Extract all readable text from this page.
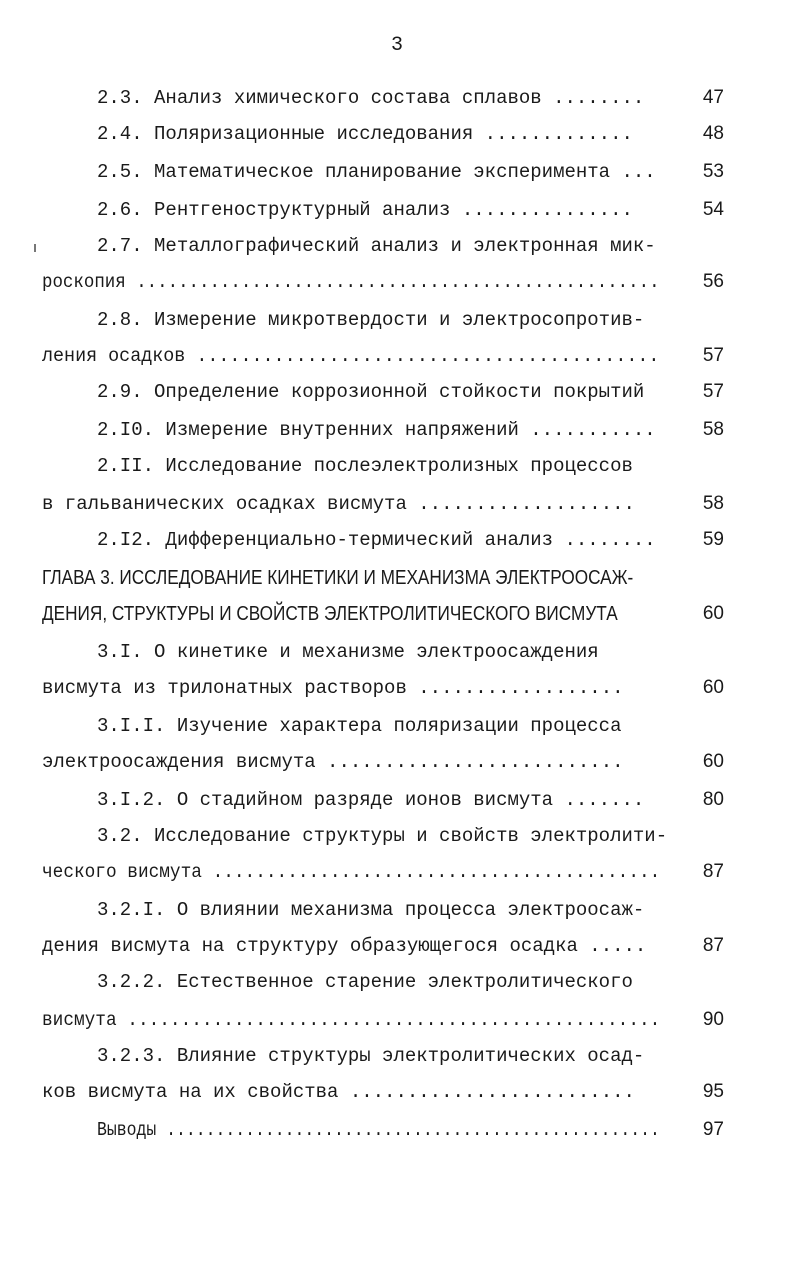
3
2.3. Анализ химического состава сплавов ........	47
2.4. Поляризационные исследования .............	48
2.5. Математическое планирование эксперимента ...	53
2.6. Рентгеноструктурный анализ ...............	54
2.7. Металлографический анализ и электронная мик-
роскопия ..................................................	56
2.8. Измерение микротвердости и электросопротив-
ления осадков ..........................................	57
2.9. Определение коррозионной стойкости покрытий	57
2.I0. Измерение внутренних напряжений ...........	58
2.II. Исследование послеэлектролизных процессов
в гальванических осадках висмута ...................	58
2.I2. Дифференциально-термический анализ ........	59
ГЛАВА 3. ИССЛЕДОВАНИЕ КИНЕТИКИ И МЕХАНИЗМА ЭЛЕКТРООСАЖ-
ДЕНИЯ, СТРУКТУРЫ И СВОЙСТВ ЭЛЕКТРОЛИТИЧЕСКОГО ВИСМУТА	60
3.I. О кинетике и механизме электроосаждения
висмута из трилонатных растворов ..................	60
3.I.I. Изучение характера поляризации процесса
электроосаждения висмута ..........................	60
3.I.2. О стадийном разряде ионов висмута .......	80
3.2. Исследование структуры и свойств электролити-
ческого висмута ..........................................	87
3.2.I. О влиянии механизма процесса электроосаж-
дения висмута на структуру образующегося осадка .....	87
3.2.2. Естественное старение электролитического
висмута ..................................................	90
3.2.3. Влияние структуры электролитических осад-
ков висмута на их свойства .........................	95
Выводы ..................................................	97
